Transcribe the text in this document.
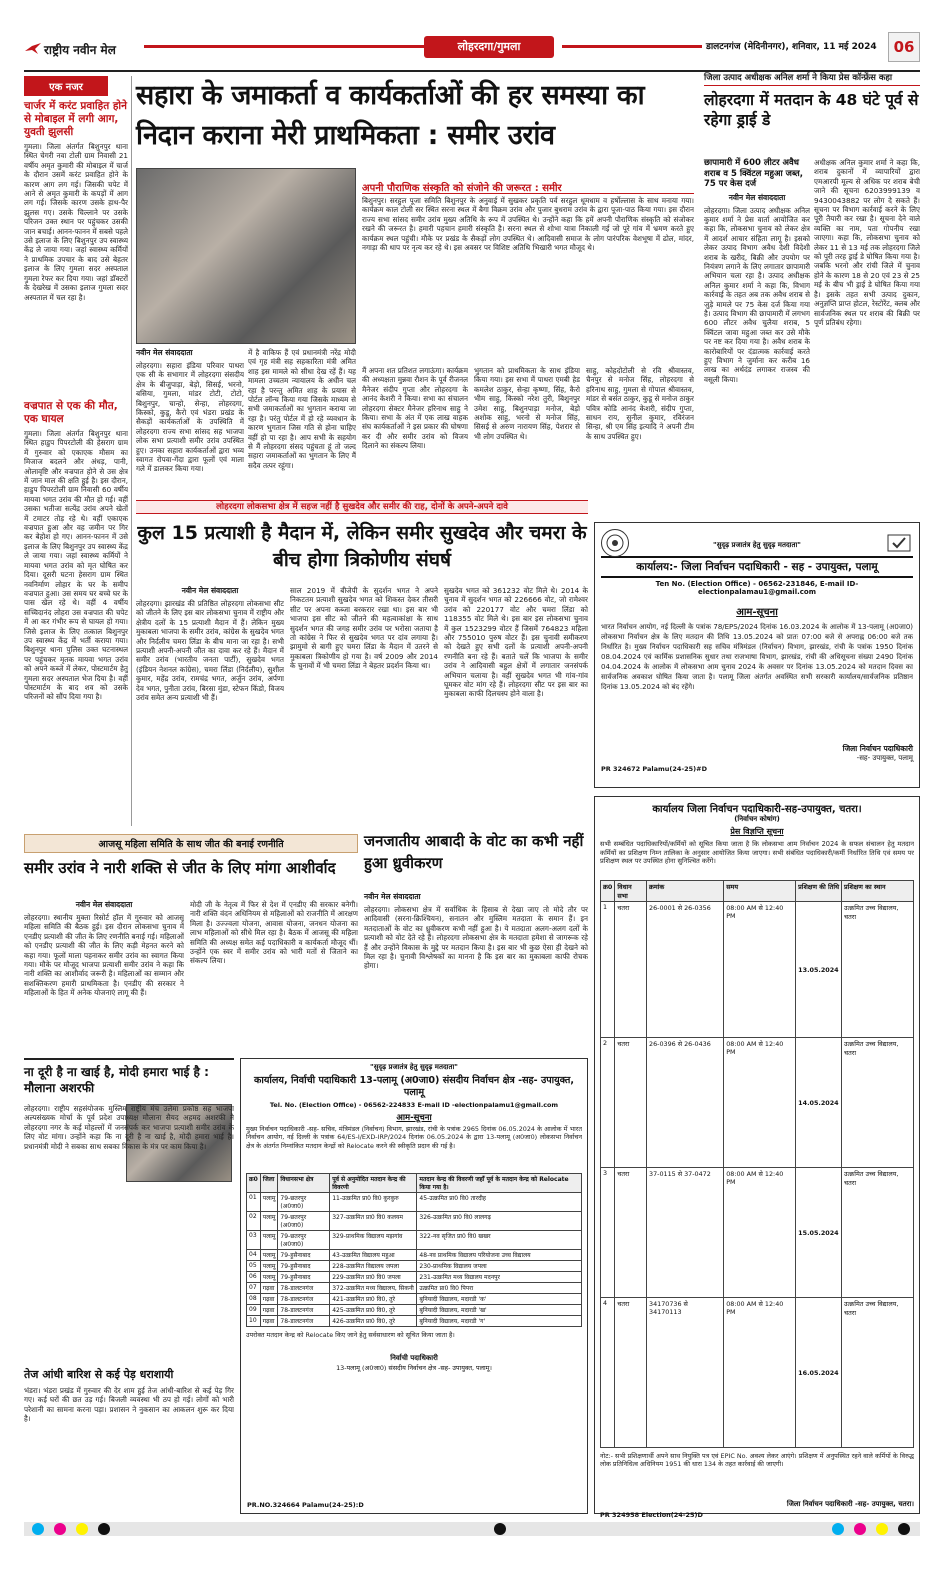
राष्ट्रीय नवीन मेल	लोहरदगा/गुमला	डालटनगंज (मेदिनीनगर), शनिवार, 11 मई 2024	06
एक नजर
चार्जर में करंट प्रवाहित होने से मोबाइल में लगी आग, युवती झुलसी
गुमला। जिला अंतर्गत बिशुनपुर थाना स्थित चेगरी नवा टोली ग्राम निवासी 21 वर्षीय अमृत कुमारी की मोबाइल में चार्ज के दौरान उसमें करंट प्रवाहित होने के कारण आग लग गई। जिसकी चपेट में आने से अमृत कुमारी के कपड़ों में आग लग गई। जिसके कारण उसके हाथ-पैर झुलस गए। उसके चिल्लाने पर उसके परिजन उक्त स्थान पर पहुंचकर उसकी जान बचाई। आनन-फानन में सबसे पहले उसे इलाज के लिए बिशुनपुर उप स्वास्थ्य केंद्र ले जाया गया। जहां स्वास्थ्य कर्मियों ने प्राथमिक उपचार के बाद उसे बेहतर इलाज के लिए गुमला सदर अस्पताल गुमला रेफर कर दिया गया। जहां डॉक्टरों के देखरेख में उसका इलाज गुमला सदर अस्पताल में चल रहा है।
वज्रपात से एक की मौत, एक घायल
गुमला। जिला अंतर्गत बिशुनपुर थाना स्थित हाडुप पिपरटोली की हेसराग ग्राम में गुरुवार को एकाएक मौसम का मिजाज बदलने और अंधड़, पानी, ओलावृष्टि और वज्रपात होने से उस क्षेत्र में जान माल की क्षति हुई है। इस दौरान, हाडुप पिपरटोली ग्राम निवासी 60 वर्षीय मायवा भगत उरांव की मौत हो गई। वहीं उसका भतीजा सत्येंद्र उरांव अपने खेतों में टमाटर तोड़ रहे थे। वहीं एकाएक वज्रपात हुआ और वह जमीन पर गिर कर बेहोश हो गए। आनन-फानन में उसे इलाज के लिए बिशुनपुर उप स्वास्थ्य केंद्र ले जाया गया। जहां स्वास्थ्य कर्मियों ने मायवा भगत उरांव को मृत घोषित कर दिया। दूसरी घटना हेसराग ग्राम स्थित नवनिर्माण लोहार के घर के समीप वज्रपात हुआ। उस समय घर बच्चे घर के पास खेल रहे थे। वहीं 4 वर्षीय सच्चिदानंद लोहरा उस वज्रपात की चपेट में आ कर गंभीर रूप से घायल हो गया। जिसे इलाज के लिए तत्काल बिशुनपुर उप स्वास्थ्य केंद्र में भर्ती कराया गया। बिशुनपुर थाना पुलिस उक्त घटनास्थल पर पहुंचकर मृतक मायवा भगत उरांव को अपने कब्जे में लेकर, पोस्टमार्टम हेतु गुमला सदर अस्पताल भेज दिया है। वहीं पोस्टमार्टम के बाद शव को उसके परिजनों को सौंप दिया गया है।
सहारा के जमाकर्ता व कार्यकर्ताओं की हर समस्या का निदान कराना मेरी प्राथमिकता : समीर उरांव
नवीन मेल संवाददाता
लोहरदगा। सहारा इंडिया परिवार पाथरा एक सी के सभागार में लोहरदगा संसदीय क्षेत्र के बीजुपाड़ा, बेड़ो, सिसई, भरनो, बसिया, गुमला, मांडर टोटी, टोटो, बिशुनपुर, चान्हो, सेन्हा, लोहरदगा, किस्को, कुडू, कैरो एवं भंडरा प्रखंड के सैकड़ों कार्यकर्ताओं के उपस्थिति में लोहरदगा राज्य सभा सांसद सह भाजपा लोक सभा प्रत्याशी समीर उरांव उपस्थित हुए। उनका सहारा कार्यकर्ताओं द्वारा भव्य स्वागत रोपवा-गेंदा द्वारा फूलों एवं माला गले में डालकर किया गया।
में है वाकिफ हैं एवं प्रधानमंत्री नरेंद्र मोदी एवं गृह मंत्री सह सहकारिता मंत्री अमित शाह इस मामले को सीधा देख रहें हैं। यह मामला उच्चतम न्यायालय के अधीन चल रहा है परन्तु अमित शाह के प्रयास से पोर्टल लॉन्च किया गया जिसके माध्यम से सभी जमाकर्ताओं का भुगतान कराया जा रहा है। परंतु पोर्टल में हो रहे व्यवधान के कारण भुगतान जिस गति से होना चाहिए वहीं हो पा रहा है। आप सभी के सहयोग से मैं लोहरदगा संसद पहुंचता हूं तो जल्द सहारा जमाकर्ताओं का भुगतान के लिए मैं सदैव तत्पर रहूंगा।
अपनी पौराणिक संस्कृति को संजोने की जरूरत : समीर
बिशुनपुर। सरहुल पूजा समिति बिशुनपुर के अनुवाई में सुखकर प्रकृति पर्व सरहुल धूमधाम व हर्षोल्लास के साथ मनाया गया। कार्यक्रम काल टोली सर स्थित सरना स्थल में बैगा विक्रम उरांव और पुजार बुधराम उरांव के द्वारा पूजा-पाठ किया गया। इस दौरान राज्य सभा सांसद समीर उरांव मुख्य अतिथि के रूप में उपस्थित थे। उन्होंने कहा कि हमें अपनी पौराणिक संस्कृति को संजोकर रखने की जरूरत है। हमारी पहचान हमारी संस्कृति है। सरना स्थल से शोभा यात्रा निकाली गई जो पूरे गांव में भ्रमण करते हुए कार्यक्रम स्थल पहुंची। मौके पर प्रखंड के सैकड़ों लोग उपस्थित थे। आदिवासी समाज के लोग पारंपरिक वेशभूषा में ढोल, मांदर, नगाड़ा की थाप पर नृत्य कर रहे थे। इस अवसर पर विशिष्ट अतिथि भिखारी भगत मौजूद थे।
मैं अपना शत प्रतिशत लगाऊंगा। कार्यक्रम की अध्यक्षता मुन्नवा रौशन के पूर्व रीजनल मैनेजर संदीप गुप्ता और लोहरदगा के आनंद केशरी ने किया। सभा का संचालन लोहरदगा सेक्टर मैनेजर हरिनाथ साहु ने किया। सभा के अंत में एक लाख वाहक संघ कार्यकर्ताओं ने इस प्रकार की घोषणा कर दी और समीर उरांव को विजय दिलाने का संकल्प लिया।
भुगतान को प्राथमिकता के साथ इंडिया किया गया। इस सभा में पाथरा एमबी हेड कमलेश ठाकुर, सेन्हा कृष्णा, सिंह, कैरो भीम साहु, किस्को नरेश तुरी, बिशुनपुर उमेश साहु, बिशुनपाड़ा मनोज, बेड़ो अशोक साहु, भरनो से मनोज सिंह, सिसई से अरुण नारायण सिंह, पेशरार से भी लोग उपस्थित थे।
साहु, कोहदोटोली से रवि श्रीवास्तव, चैनपुर से मनोज सिंह, लोहरदगा से हरिनाथ साहु, गुमला से गोपाल श्रीवास्तव, मांडर से बसंत ठाकुर, कुडू से मनोज ठाकुर पवित्र कोडि आनंद केशरी, संदीप गुप्ता, साधन राय, सुनील कुमार, रविरंजन सिन्हा, श्री एम सिंह इत्यादि ने अपनी टीम के साथ उपस्थित हुए।
जिला उत्पाद अधीक्षक अनिल शर्मा ने किया प्रेस कॉन्फ्रेंस कहा
लोहरदगा में मतदान के 48 घंटे पूर्व से रहेगा ड्राई डे
छापामारी में 600 लीटर अवैध शराब व 5 क्विंटल महुआ जब्त, 75 पर केस दर्ज
नवीन मेल संवाददाता
लोहरदगा। जिला उत्पाद अधीक्षक अनिल कुमार शर्मा ने प्रेस वार्ता आयोजित कर कहा कि, लोकसभा चुनाव को लेकर क्षेत्र में आदर्श आचार संहिता लागू है। इसको लेकर उत्पाद विभाग अवैध देशी विदेशी शराब के खरीद, बिक्री और उपयोग पर नियंत्रण लगाने के लिए लगातार छापामारी अभियान चला रहा है। उत्पाद अधीक्षक अनिल कुमार शर्मा ने कहा कि, विभाग कार्रवाई के तहत अब तक अवैध शराब से जुड़े मामले पर 75 केस दर्ज किया गया है। उत्पाद विभाग की छापामारी में लगभग 600 लीटर अवैध चुलैया शराब, 5 क्विंटल जावा महुआ जब्त कर उसे मौके पर नष्ट कर दिया गया है। अवैध शराब के कारोबारियों पर दंडात्मक कार्रवाई करते हुए विभाग ने जुर्माना कर करीब 16 लाख का अर्थदंड लगाकर राजस्व की वसूली किया।
अधीक्षक अनिल कुमार शर्मा ने कहा कि, शराब दुकानों में व्यापारियों द्वारा एमआरपी मूल्य से अधिक पर शराब बेची जाने की सूचना 6203999139 व 9430043882 पर लोग दे सकते हैं। सूचना पर विभाग कार्रवाई करने के लिए पूरी तैयारी कर रखा है। सूचना देने वाले व्यक्ति का नाम, पता गोपनीय रखा जाएगा। कहा कि, लोकसभा चुनाव को लेकर 11 से 13 मई तक लोहरदगा जिले को पूरी तरह ड्राई डे घोषित किया गया है। जबकि भरनो और रांची जिले में चुनाव होने के कारण 18 से 20 एवं 23 से 25 मई के बीच भी ड्राई डे घोषित किया गया है। इसके तहत सभी उत्पाद दुकान, अनुज्ञप्ति प्राप्त होटल, रेस्टोरेंट, क्लब और सार्वजनिक स्थल पर शराब की बिक्री पर पूर्ण प्रतिबंध रहेगा।
लोहरदगा लोकसभा क्षेत्र में सहज नहीं है सुखदेव और समीर की राह, दोनों के अपने-अपने दावे
कुल 15 प्रत्याशी है मैदान में, लेकिन समीर सुखदेव और चमरा के बीच होगा त्रिकोणीय संघर्ष
नवीन मेल संवाददाता
लोहरदगा। झारखंड की प्रतिष्ठित लोहरदगा लोकसभा सीट को जीतने के लिए इस बार लोकसभा चुनाव में राष्ट्रीय और क्षेत्रीय दलों के 15 प्रत्याशी मैदान में हैं। लेकिन मुख्य मुकाबला भाजपा के समीर उरांव, कांग्रेस के सुखदेव भगत और निर्दलीय चमरा लिंडा के बीच माना जा रहा है। सभी प्रत्याशी अपनी-अपनी जीत का दावा कर रहे हैं। मैदान में समीर उरांव (भारतीय जनता पार्टी), सुखदेव भगत (इंडियन नेशनल कांग्रेस), चमरा लिंडा (निर्दलीय), सुशील कुमार, महेंद्र उरांव, रामचंद्र भगत, अर्जुन उरांव, अर्पणा देव भगत, पुनीता उरांव, बिरसा मुंडा, स्टेफन किंडो, विजय उरांव समेत अन्य प्रत्याशी भी हैं।
साल 2019 में बीजेपी के सुदर्शन भगत ने अपने निकटतम प्रत्याशी सुखदेव भगत को शिकस्त देकर तीसरी सीट पर अपना कब्जा बरकरार रखा था। इस बार भी भाजपा इस सीट को जीतने की महत्वाकांक्षा के साथ सुदर्शन भगत की जगह समीर उरांव पर भरोसा जताया है तो कांग्रेस ने फिर से सुखदेव भगत पर दांव लगाया है। झामुमो से बागी हुए चमरा लिंडा के मैदान में उतरने से मुकाबला त्रिकोणीय हो गया है। वर्ष 2009 और 2014 के चुनावों में भी चमरा लिंडा ने बेहतर प्रदर्शन किया था।
सुखदेव भगत को 361232 वोट मिले थे। 2014 के चुनाव में सुदर्शन भगत को 226666 वोट, जो रामेश्वर उरांव को 220177 वोट और चमरा लिंडा को 118355 वोट मिले थे। इस बार इस लोकसभा चुनाव में कुल 1523299 वोटर हैं जिसमें 764823 महिला और 755010 पुरुष वोटर हैं। इस चुनावी समीकरण को देखते हुए सभी दलों के प्रत्याशी अपनी-अपनी रणनीति बना रहे हैं। बताते चलें कि भाजपा के समीर उरांव ने आदिवासी बहुल क्षेत्रों में लगातार जनसंपर्क अभियान चलाया है। वहीं सुखदेव भगत भी गांव-गांव घूमकर वोट मांग रहे हैं। लोहरदगा सीट पर इस बार का मुकाबला काफी दिलचस्प होने वाला है।
"सुदृढ़ प्रजातंत्र हेतु सुदृढ़ मतदाता"
कार्यालय:- जिला निर्वाचन पदाधिकारी - सह - उपायुक्त, पलामू
Ten No. (Election Office) - 06562-231846, E-mail ID- electionpalamau1@gmail.com
आम-सूचना
भारत निर्वाचन आयोग, नई दिल्ली के पत्रांक 78/EPS/2024 दिनांक 16.03.2024 के आलोक में 13-पलामू (अ0जा0) लोकसभा निर्वाचन क्षेत्र के लिए मतदान की तिथि 13.05.2024 को प्रातः 07:00 बजे से अपराह्न 06:00 बजे तक निर्धारित है। मुख्य निर्वाचन पदाधिकारी सह सचिव मंत्रिमंडल (निर्वाचन) विभाग, झारखंड, रांची के पत्रांक 1950 दिनांक 08.04.2024 एवं कार्मिक प्रशासनिक सुधार तथा राजभाषा विभाग, झारखंड, रांची की अधिसूचना संख्या 2490 दिनांक 04.04.2024 के आलोक में लोकसभा आम चुनाव 2024 के अवसर पर दिनांक 13.05.2024 को मतदान दिवस का सार्वजनिक अवकाश घोषित किया जाता है। पलामू जिला अंतर्गत अवस्थित सभी सरकारी कार्यालय/सार्वजनिक प्रतिष्ठान दिनांक 13.05.2024 को बंद रहेंगे।
जिला निर्वाचन पदाधिकारी
-सह- उपायुक्त, पलामू
PR 324672 Palamu(24-25)#D
आजसू महिला समिति के साथ जीत की बनाई रणनीति
समीर उरांव ने नारी शक्ति से जीत के लिए मांगा आशीर्वाद
नवीन मेल संवाददाता
लोहरदगा। स्थानीय मुक्ता रिसोर्ट हॉल में गुरुवार को आजसू महिला समिति की बैठक हुई। इस दौरान लोकसभा चुनाव में एनडीए प्रत्याशी की जीत के लिए रणनीति बनाई गई। महिलाओं को एनडीए प्रत्याशी की जीत के लिए कड़ी मेहनत करने को कहा गया। फूलों माला पहनाकर समीर उरांव का स्वागत किया गया। मौके पर मौजूद भाजपा प्रत्याशी समीर उरांव ने कहा कि नारी शक्ति का आशीर्वाद जरूरी है। महिलाओं का सम्मान और सशक्तिकरण हमारी प्राथमिकता है। एनडीए की सरकार ने महिलाओं के हित में अनेक योजनाएं लागू की हैं।
मोदी जी के नेतृत्व में फिर से देश में एनडीए की सरकार बनेगी। नारी शक्ति वंदन अधिनियम से महिलाओं को राजनीति में आरक्षण मिला है। उज्ज्वला योजना, आवास योजना, जनधन योजना का लाभ महिलाओं को सीधे मिल रहा है। बैठक में आजसू की महिला समिति की अध्यक्ष समेत कई पदाधिकारी व कार्यकर्ता मौजूद थीं। उन्होंने एक स्वर में समीर उरांव को भारी मतों से जिताने का संकल्प लिया।
जनजातीय आबादी के वोट का कभी नहीं हुआ ध्रुवीकरण
नवीन मेल संवाददाता
लोहरदगा। लोकसभा क्षेत्र में सर्वाधिक के हिसाब से देखा जाए तो मोदे तौर पर आदिवासी (सरना-क्रिश्चियन), सनातन और मुस्लिम मतदाता के समान हैं। इन मतदाताओं के वोट का ध्रुवीकरण कभी नहीं हुआ है। ये मतदाता अलग-अलग दलों के प्रत्याशी को वोट देते रहे हैं। लोहरदगा लोकसभा क्षेत्र के मतदाता हमेशा से जागरूक रहे हैं और उन्होंने विकास के मुद्दे पर मतदान किया है। इस बार भी कुछ ऐसा ही देखने को मिल रहा है। चुनावी विश्लेषकों का मानना है कि इस बार का मुकाबला काफी रोचक होगा।
कार्यालय जिला निर्वाचन पदाधिकारी-सह-उपायुक्त, चतरा।
(निर्वाचन कोषांग)
प्रेस विज्ञप्ति सूचना
सभी सम्बंधित पदाधिकारियों/कर्मियों को सूचित किया जाता है कि लोकसभा आम निर्वाचन 2024 के सफल संचालन हेतु मतदान कर्मियों का प्रशिक्षण निम्न तालिका के अनुसार आयोजित किया जाएगा। सभी संबंधित पदाधिकारी/कर्मी निर्धारित तिथि एवं समय पर प्रशिक्षण स्थल पर उपस्थित होना सुनिश्चित करेंगे।
क्र0	विधान सभा	क्रमांक	समय	प्रशिक्षण की तिथि	प्रशिक्षण का स्थान
1	चतरा	26-0001 से 26-0356	08:00 AM से 12:40 PM	13.05.2024	उत्क्रमित उच्च विद्यालय, चतरा
2	चतरा	26-0396 से 26-0436	08:00 AM से 12:40 PM	14.05.2024	उत्क्रमित उच्च विद्यालय, चतरा
3	चतरा	37-0115 से 37-0472	08:00 AM से 12:40 PM	15.05.2024	उत्क्रमित उच्च विद्यालय, चतरा
4	चतरा	34170736 से 34170113	08:00 AM से 12:40 PM	16.05.2024	उत्क्रमित उच्च विद्यालय, चतरा
नोट:- सभी प्रशिक्षणार्थी अपने साथ नियुक्ति पत्र एवं EPIC No. अवश्य लेकर आएंगे। प्रशिक्षण में अनुपस्थित रहने वाले कर्मियों के विरुद्ध लोक प्रतिनिधित्व अधिनियम 1951 की धारा 134 के तहत कार्रवाई की जाएगी।
जिला निर्वाचन पदाधिकारी -सह- उपायुक्त, चतरा।
PR 324958 Election(24-25)D
ना दूरी है ना खाई है, मोदी हमारा भाई है : मौलाना अशरफी
लोहरदगा। राष्ट्रीय सहसंयोजक मुस्लिम राष्ट्रीय मंच उलेमा प्रकोष्ठ सह भाजपा अल्पसंख्यक मोर्चा के पूर्व प्रदेश उपाध्यक्ष मौलाना सैयद अहमद अशरफी ने लोहरदगा नगर के कई मोहल्लों में जनसंपर्क कर भाजपा प्रत्याशी समीर उरांव के लिए वोट मांगा। उन्होंने कहा कि ना दूरी है ना खाई है, मोदी हमारा भाई है। प्रधानमंत्री मोदी ने सबका साथ सबका विकास के मंत्र पर काम किया है।
तेज आंधी बारिश से कई पेड़ धराशायी
भंडरा। भंडरा प्रखंड में गुरुवार की देर शाम हुई तेज आंधी-बारिश से कई पेड़ गिर गए। कई घरों की छत उड़ गई। बिजली व्यवस्था भी ठप हो गई। लोगों को भारी परेशानी का सामना करना पड़ा। प्रशासन ने नुकसान का आकलन शुरू कर दिया है।
"सुदृढ़ प्रजातंत्र हेतु सुदृढ़ मतदाता"
कार्यालय, निर्वाची पदाधिकारी 13-पलामू (अ0जा0) संसदीय निर्वाचन क्षेत्र -सह- उपायुक्त, पलामू
Tel. No. (Election Office) - 06562-224833 E-mail ID -electionpalamu1@gmail.com
आम-सूचना
मुख्य निर्वाचन पदाधिकारी -सह- सचिव, मंत्रिमंडल (निर्वाचन) विभाग, झारखंड, रांची के पत्रांक 2965 दिनांक 06.05.2024 के आलोक में भारत निर्वाचन आयोग, नई दिल्ली के पत्रांक 64/ES-I/EXD-IRP/2024 दिनांक 06.05.2024 के द्वारा 13-पलामू (अ0जा0) लोकसभा निर्वाचन क्षेत्र के अंतर्गत निम्नांकित मतदान केन्द्रों को Relocate करने की स्वीकृति प्रदान की गई है।
क्र0	जिला	विधानसभा क्षेत्र	पूर्व से अनुमोदित मतदान केन्द्र की विवरणी	मतदान केन्द्र की विवरणी जहाँ पूर्व के मतदान केन्द्र को Relocate किया गया है।
01	पलामू	79-छतरपुर (अ0जा0)	11-उत्क्रमित प्रा0 वि0 कुरकुरु	45-उत्क्रमित प्रा0 वि0 तारदीह
02	पलामू	79-छतरपुर (अ0जा0)	327-उत्क्रमित प्रा0 वि0 कलयम	326-उत्क्रमित प्रा0 वि0 लालगढ़
03	पलामू	79-छतरपुर (अ0जा0)	329-प्राथमिक विद्यालय मझगांव	322-नव सृजित प्रा0 वि0 खखर
04	पलामू	79-हुसैनाबाद	43-उत्क्रमित विद्यालय महुआ	48-नव प्राथमिक विद्यालय परियोजना उच्च विद्यालय
05	पलामू	79-हुसैनाबाद	228-उत्क्रमित विद्यालय जपला	230-प्राथमिक विद्यालय जपला
06	पलामू	79-हुसैनाबाद	229-उत्क्रमित प्रा0 वि0 जपला	231-उत्क्रमित मध्य विद्यालय मदनपुर
07	गढ़वा	78-डालटनगंज	372-उत्क्रमित मध्य विद्यालय, सिकनी	उत्क्रमित प्रा0 वि0 पिपरा
08	गढ़वा	78-डालटनगंज	421-उत्क्रमित प्रा0 वि0, तुरे	बुनियादी विद्यालय, मदारडी 'क'
09	गढ़वा	78-डालटनगंज	425-उत्क्रमित प्रा0 वि0, तुरे	बुनियादी विद्यालय, मदारडी 'ख'
10	गढ़वा	78-डालटनगंज	426-उत्क्रमित प्रा0 वि0, तुरे	बुनियादी विद्यालय, मदारडी 'ग'
उपरोक्त मतदान केन्द्र को Relocate किए जाने हेतु सर्वसाधारण को सूचित किया जाता है।
निर्वाची पदाधिकारी
13-पलामू (अ0जा0) संसदीय निर्वाचन क्षेत्र -सह- उपायुक्त, पलामू।
PR.NO.324664 Palamu(24-25):D
